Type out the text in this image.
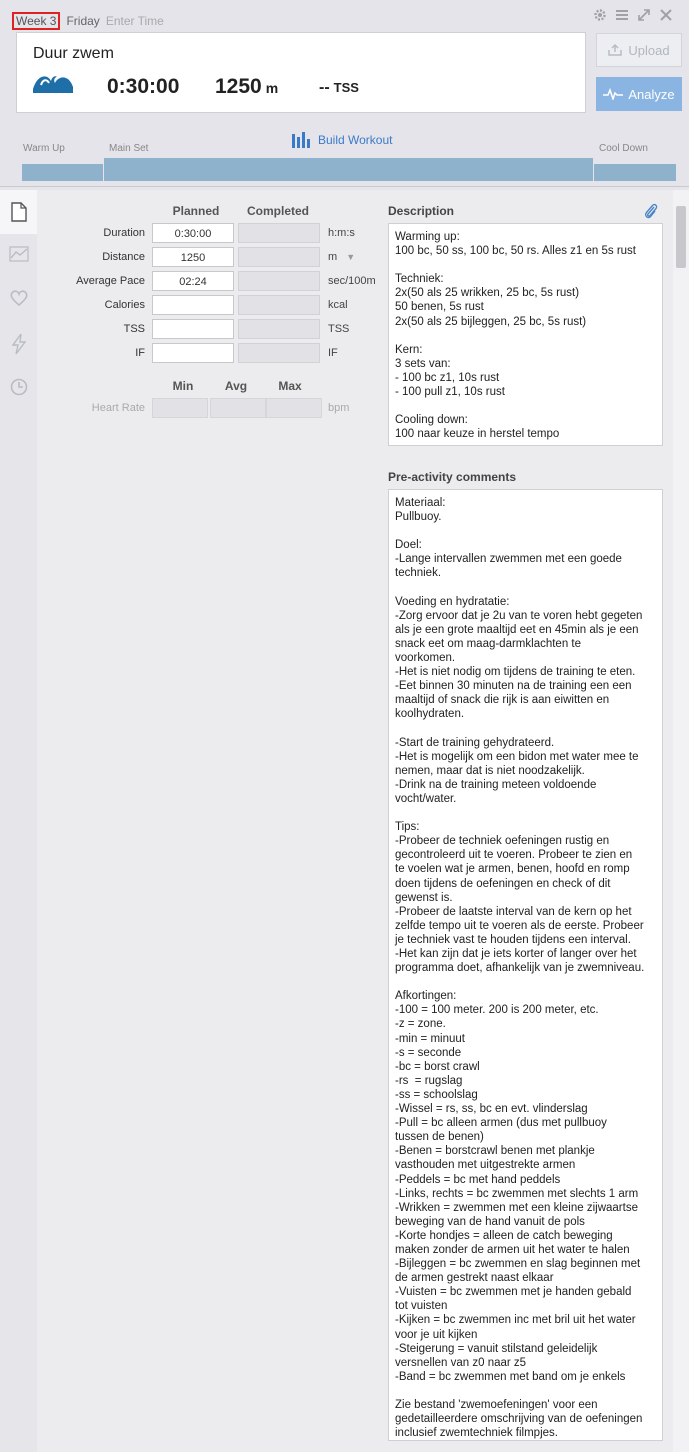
Week 3 Friday Enter Time
Duur zwem
0:30:00 1250 m	-- TSS
Upload
Analyze
Build Workout
Warm Up	Main Set	Cool Down
Planned	Completed
Duration	0:30:00	h:m:s
Distance	1250	m ▼
Average Pace	02:24	sec/100m
Calories	kcal
TSS	TSS
IF	IF
Min	Avg	Max
Heart Rate	bpm
Description
Warming up:
100 bc, 50 ss, 100 bc, 50 rs. Alles z1 en 5s rust

Techniek:
2x(50 als 25 wrikken, 25 bc, 5s rust)
50 benen, 5s rust
2x(50 als 25 bijleggen, 25 bc, 5s rust)

Kern:
3 sets van:
- 100 bc z1, 10s rust
- 100 pull z1, 10s rust

Cooling down:
100 naar keuze in herstel tempo
Pre-activity comments
Materiaal:
Pullbuoy.

Doel:
-Lange intervallen zwemmen met een goede
techniek.

Voeding en hydratatie:
-Zorg ervoor dat je 2u van te voren hebt gegeten
als je een grote maaltijd eet en 45min als je een
snack eet om maag-darmklachten te
voorkomen.
-Het is niet nodig om tijdens de training te eten.
-Eet binnen 30 minuten na de training een een
maaltijd of snack die rijk is aan eiwitten en
koolhydraten.

-Start de training gehydrateerd.
-Het is mogelijk om een bidon met water mee te
nemen, maar dat is niet noodzakelijk.
-Drink na de training meteen voldoende
vocht/water.

Tips:
-Probeer de techniek oefeningen rustig en
gecontroleerd uit te voeren. Probeer te zien en
te voelen wat je armen, benen, hoofd en romp
doen tijdens de oefeningen en check of dit
gewenst is.
-Probeer de laatste interval van de kern op het
zelfde tempo uit te voeren als de eerste. Probeer
je techniek vast te houden tijdens een interval.
-Het kan zijn dat je iets korter of langer over het
programma doet, afhankelijk van je zwemniveau.

Afkortingen:
-100 = 100 meter. 200 is 200 meter, etc.
-z = zone.
-min = minuut
-s = seconde
-bc = borst crawl
-rs  = rugslag
-ss = schoolslag
-Wissel = rs, ss, bc en evt. vlinderslag
-Pull = bc alleen armen (dus met pullbuoy
tussen de benen)
-Benen = borstcrawl benen met plankje
vasthouden met uitgestrekte armen
-Peddels = bc met hand peddels
-Links, rechts = bc zwemmen met slechts 1 arm
-Wrikken = zwemmen met een kleine zijwaartse
beweging van de hand vanuit de pols
-Korte hondjes = alleen de catch beweging
maken zonder de armen uit het water te halen
-Bijleggen = bc zwemmen en slag beginnen met
de armen gestrekt naast elkaar
-Vuisten = bc zwemmen met je handen gebald
tot vuisten
-Kijken = bc zwemmen inc met bril uit het water
voor je uit kijken
-Steigerung = vanuit stilstand geleidelijk
versnellen van z0 naar z5
-Band = bc zwemmen met band om je enkels

Zie bestand 'zwemoefeningen' voor een
gedetailleerdere omschrijving van de oefeningen
inclusief zwemtechniek filmpjes.
